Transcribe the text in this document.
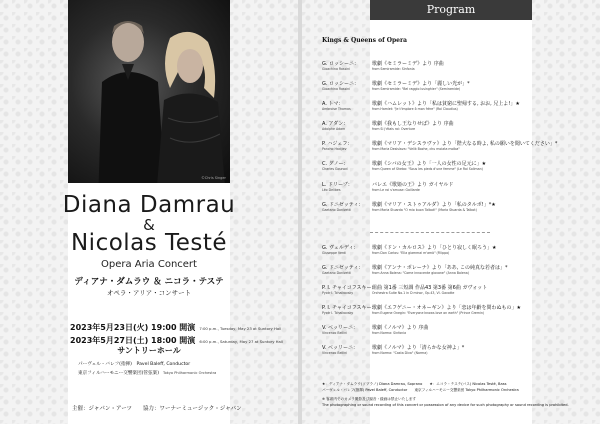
©Chris Singer
Diana Damrau
&
Nicolas Testé
Opera Aria Concert
ディアナ・ダムラウ ＆ ニコラ・テステ
オペラ・アリア・コンサート
2023年5月23日(火) 19:00 開演 7:00 p.m., Tuesday, May 23 at Suntory Hall
2023年5月27日(土) 18:00 開演 6:00 p.m., Saturday, May 27 at Suntory Hall
サントリーホール
パーヴェル・バレフ(指揮)　Pavel Baleff, Conductor
東京フィルハーモニー交響楽団(管弦楽) Tokyo Philharmonic Orchestra
主催：ジャパン・アーツ　　協力：ワーナーミュージック・ジャパン
Program
Kings & Queens of Opera
G. ロッシーニ：
Gioachino Rossini
歌劇《セミラーミデ》より 序曲
from Semiramide: Sinfonia
G. ロッシーニ：
Gioachino Rossini
歌劇《セミラーミデ》より「麗しい光が」*
from Semiramide: "Bel raggio lusinghier" (Semiramide)
A. トマ：
Ambroise Thomas
歌劇《ハムレット》より「私は貧窮に聖帰する, おお, 兄上よ!」★
from Hamlet: "Je t'implore ô mon frère" (Roi Claudius)
A. アダン：
Adolphe Adam
歌劇《我もし王なりせば》より 序曲
from Si j'étais roi: Overture
P. ハジェフ：
Pancho Hadjiev
歌劇《マリア・デシスラヴァ》より「陛大なる時よ, 私の願いを聞いてください」*
from Maria Desislava: "Velik Bozhe, chu moiata molba"
C. グノー：
Charles Gounod
歌劇《シバの女王》より「一人の女性の足元に」★
from Queen of Sheba: "Sous les pieds d'une femme" (Le Roi Soliman)
L. ドリーブ：
Léo Delibes
バレエ《歌姫の王》より ガイヤルド
from Le roi s'amuse: Gaillarde
G. ドニゼッティ：
Gaetano Donizetti
歌劇《マリア・ストゥアルダ》より「私のタルボ!」*★
from Maria Stuarda "O mio buon Talbot!" (Maria Stuarda & Talbot)
G. ヴェルディ：
Giuseppe Verdi
歌劇《ドン・カルロス》より「ひとり寂しく眠ろう」★
from Don Carlos: "Ella giammai m'amò" (Filippo)
G. ドニゼッティ：
Gaetano Donizetti
歌劇《アンナ・ボレーナ》より「ああ, この純真な若者は」*
from Anna Bolena: "Come innocente giovane" (Anna Bolena)
P. I. チャイコフスキー：
Pyotr I. Tchaikovsky
組曲 第1番 三短調 作品43 第3番 第6曲 ガヴォット
Orchestra Suite No.1 in D minor, Op.43, VI. Gavotte
P. I. チャイコフスキー：
Pyotr I. Tchaikovsky
歌劇《エフゲニー・オネーギン》より「恋は年齢を問わぬもの」★
from Eugene Onegin: "Everyone knows love on earth" (Prince Gremin)
V. ベッリーニ：
Vincenzo Bellini
歌劇《ノルマ》より 序曲
from Norma: Sinfonia
V. ベッリーニ：
Vincenzo Bellini
歌劇《ノルマ》より「清らかな女神よ」*
from Norma: "Casta Diva" (Norma)
★：ディアナ・ダムラウ(ソプラノ) Diana Damrau, Soprano　　★：ニコラ・テステ(バス) Nicolas Testé, Bass
パーヴェル・バレフ(指揮) Pavel Baleff, Conductor　　東京フィルハーモニー交響楽団 Tokyo Philharmonic Orchestra
※ 客席内でのカメラ撮影及び録音・録画は禁止いたします
The photographing or sound recording of this concert or possession of any device for such photography or sound recording is prohibited.
